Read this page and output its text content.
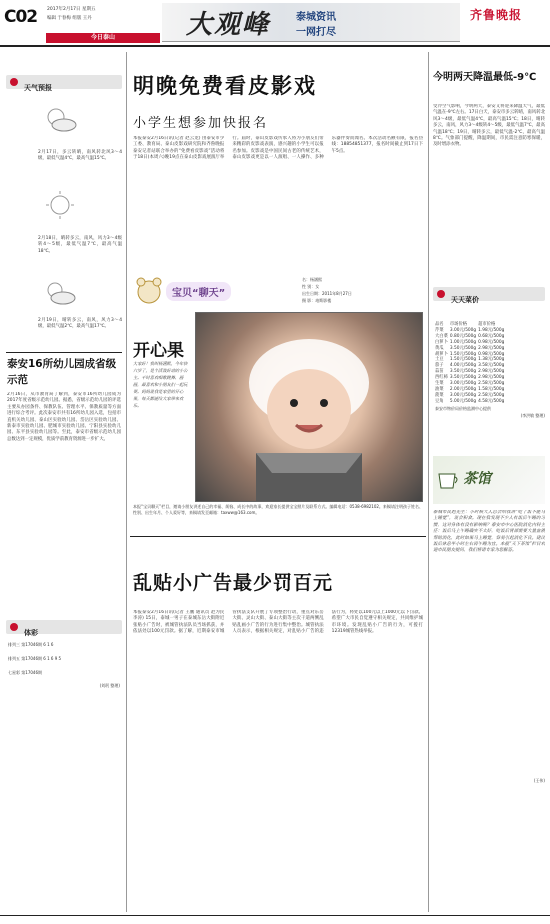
C02 2017年2月17日 星期五
编辑 于春梅 组版 王丹
今日泰山	大观峰	泰城资讯
一网打尽
齐鲁晚报
天气预报
2月17日，多云转晴，南风转北风3～4级，最低气温4℃，最高气温15℃。
2月18日，晴转多云，南风，风力3～4级转4～5级，最低气温7℃，最高气温18℃。
2月19日，晴转多云，南风，风力3～4级，最低气温2℃，最高气温17℃。
泰安16所幼儿园成省级示范
2月16日，从市教育局了解到，泰安市16所幼儿园成为2017年度省级示范幼儿园。据悉，省级示范幼儿园的评选主要从办园条件、保教队伍、管理水平、保教质量等方面进行综合考评。此次泰安市共有16所幼儿园入选，包括市直机关幼儿园、泰山区实验幼儿园、岱岳区实验幼儿园、新泰市实验幼儿园、肥城市实验幼儿园、宁阳县实验幼儿园、东平县实验幼儿园等。至此，泰安市省级示范幼儿园总数达到一定规模，优质学前教育资源进一步扩大。
体彩
排列三 第17046期 6 1 6
排列五 第17046期 6 1 6 9 5
七星彩 第17046期
(刘珉 整理)
明晚免费看皮影戏
小学生想参加快报名
本报泰安2月16日讯(记者 赵云龙) 由泰安市少工委、教育局、泰山皮影戏研究院和齐鲁晚报泰安记者站联合举办的“免费看皮影戏”活动将于18日(本周六)晚19点在泰山皮影戏展演厅举行。届时，泰山皮影戏传承人将为小朋友们带来精彩的皮影戏表演，感兴趣的小学生可以报名参加。皮影戏是中国民间古老的传统艺术，泰山皮影戏更是以一人演唱、一人操作、多种乐器伴奏而闻名。本次活动名额有限，报名热线：18854851377，报名时间截止到17日下午5点。
宝贝“聊天”
名：杨涵熙
性 别：女
出生日期：2011年8月27日
摄 影：珀斯影楼
开心果
大家好！我叫杨涵熙，今年快六岁了，是个活泼好动的小公主。平时喜欢唱歌跳舞、画画，最喜欢和小朋友们一起玩耍。妈妈说我是家里的开心果，每天都能给大家带来欢乐。
本报“宝贝聊天”栏目，邀请小朋友讲述自己的幸福、烦恼、成长中的故事，欢迎家长提供宝宝照片及联系方式。编辑电话：0538-6982102。来稿请注明孩子姓名、性别、出生年月、个人爱好等，来稿请发至邮箱：taxww@163.com。
乱贴小广告最少罚百元
本报泰安2月16日讯(记者 王鹏 通讯员 赵为民 李涛) 15日，泰城一男子在泰城东岳大街附近张贴小广告时，被城管执法队员当场抓获，并依法处以100元罚款。据了解，近期泰安市城管执法支队开展了专项整治行动，重点对东岳大街、灵山大街、泰山大街等主次干道两侧乱贴乱画小广告的行为进行集中整治。城管执法人员表示，根据相关规定，对乱贴小广告的违法行为，将处以100元以上1000元以下罚款。希望广大市民自觉遵守相关规定，共同维护城市环境。发现乱贴小广告的行为，可拨打12319城管热线举报。
今明两天降温最低-9℃
受冷空气影响，今明两天，泰安又将迎来降温天气，最低气温在-9℃左右。17日白天，泰安市多云转晴，南风转北风3～4级，最低气温4℃，最高气温15℃；18日，晴转多云，南风，风力3～4级转4～5级，最低气温7℃，最高气温18℃；19日，晴转多云，最低气温-2℃，最高气温8℃。气象部门提醒，降温期间，市民需注意防寒保暖，及时增添衣物。
天天菜价
品名	市场价格	超市价格
芹菜	3.00元/500g	1.98元/500g
大白菜	0.80元/500g	0.68元/500g
白萝卜	1.00元/500g	0.98元/500g
黄瓜	3.50元/500g	2.98元/500g
胡萝卜	1.50元/500g	0.98元/500g
土豆	1.50元/500g	1.38元/500g
茄子	4.00元/500g	3.58元/500g
蒜苗	3.50元/500g	2.98元/500g
西红柿	3.50元/500g	2.98元/500g
生菜	3.00元/500g	2.58元/500g
油菜	2.00元/500g	1.58元/500g
菠菜	3.00元/500g	2.58元/500g
豆角	5.00元/500g	4.58元/500g
泰安市物价局价格监测中心提供
(李洪敏 整理)
茶馆
泰城市民赵先生：小时候大人总会给我讲“吃了饭不能马上睡觉”，说会积食。现在我发现不少人有饭后午睡的习惯，这对身体有没有影响呢？泰安市中心医院消化内科主任：饭后马上午睡确实不太好，吃饭后胃部需要大量血液帮助消化，此时如果马上睡觉，容易引起消化不良。建议饭后休息半小时左右再午睡为宜。本报“天下茶馆”栏目欢迎市民朋友提问，我们将请专家为您解答。
(王伟)
